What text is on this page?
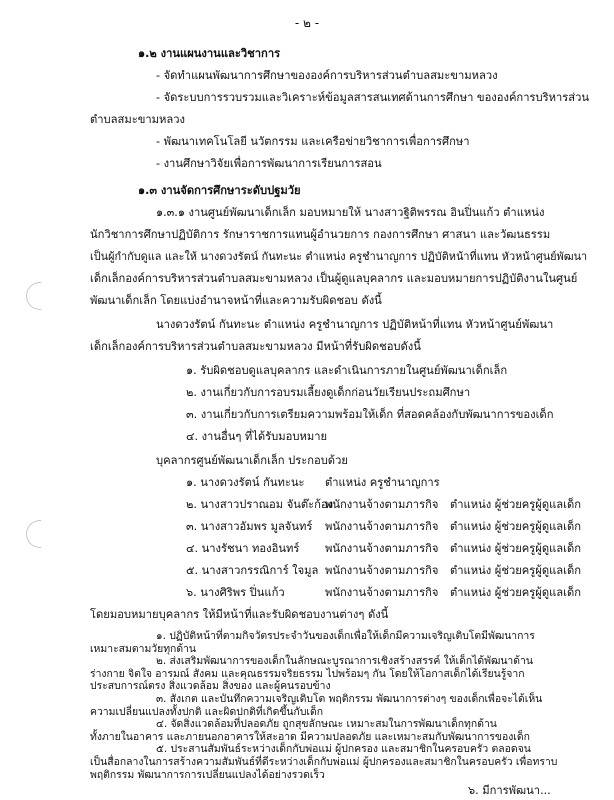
- ๒ -
๑.๒ งานแผนงานและวิชาการ
- จัดทำแผนพัฒนาการศึกษาขององค์การบริหารส่วนตำบลสมะขามหลวง
- จัดระบบการรวบรวมและวิเคราะห์ข้อมูลสารสนเทศด้านการศึกษา ขององค์การบริหารส่วน
ตำบลสมะขามหลวง
- พัฒนาเทคโนโลยี นวัตกรรม และเครือข่ายวิชาการเพื่อการศึกษา
- งานศึกษาวิจัยเพื่อการพัฒนาการเรียนการสอน
๑.๓ งานจัดการศึกษาระดับปฐมวัย
๑.๓.๑ งานศูนย์พัฒนาเด็กเล็ก มอบหมายให้ นางสาวฐิติพรรณ อินปิ่นแก้ว ตำแหน่ง
นักวิชาการศึกษาปฏิบัติการ รักษาราชการแทนผู้อำนวยการ กองการศึกษา ศาสนา และวัฒนธรรม
เป็นผู้กำกับดูแล และให้ นางดวงรัตน์ กันทะนะ ตำแหน่ง ครูชำนาญการ ปฏิบัติหน้าที่แทน หัวหน้าศูนย์พัฒนา
เด็กเล็กองค์การบริหารส่วนตำบลสมะขามหลวง เป็นผู้ดูแลบุคลากร และมอบหมายการปฏิบัติงานในศูนย์
พัฒนาเด็กเล็ก โดยแบ่งอำนาจหน้าที่และความรับผิดชอบ ดังนี้
นางดวงรัตน์ กันทะนะ ตำแหน่ง ครูชำนาญการ ปฏิบัติหน้าที่แทน หัวหน้าศูนย์พัฒนา
เด็กเล็กองค์การบริหารส่วนตำบลสมะขามหลวง มีหน้าที่รับผิดชอบดังนี้
๑. รับผิดชอบดูแลบุคลากร และดำเนินการภายในศูนย์พัฒนาเด็กเล็ก
๒. งานเกี่ยวกับการอบรมเลี้ยงดูเด็กก่อนวัยเรียนประถมศึกษา
๓. งานเกี่ยวกับการเตรียมความพร้อมให้เด็ก ที่สอดคล้องกับพัฒนาการของเด็ก
๔. งานอื่นๆ ที่ได้รับมอบหมาย
บุคลากรศูนย์พัฒนาเด็กเล็ก ประกอบด้วย
๑. นางดวงรัตน์ กันทะนะ ตำแหน่ง ครูชำนาญการ
๒. นางสาวปราณอม จันต๊ะก้อง
พนักงานจ้างตามภารกิจ ตำแหน่ง ผู้ช่วยครูผู้ดูแลเด็ก
๓. นางสาวอัมพร มูลจันทร์ พนักงานจ้างตามภารกิจ ตำแหน่ง ผู้ช่วยครูผู้ดูแลเด็ก
๔. นางรัชนา ทองอินทร์ พนักงานจ้างตามภารกิจ ตำแหน่ง ผู้ช่วยครูผู้ดูแลเด็ก
๕. นางสาวกรรณิการ์ ใจมูล พนักงานจ้างตามภารกิจ ตำแหน่ง ผู้ช่วยครูผู้ดูแลเด็ก
๖. นางศิริพร ปิ่นแก้ว	พนักงานจ้างตามภารกิจ ตำแหน่ง ผู้ช่วยครูผู้ดูแลเด็ก
โดยมอบหมายบุคลากร ให้มีหน้าที่และรับผิดชอบงานต่างๆ ดังนี้
๑. ปฏิบัติหน้าที่ตามกิจวัตรประจำวันของเด็กเพื่อให้เด็กมีความเจริญเติบโตมีพัฒนาการ
เหมาะสมตามวัยทุกด้าน
๒. ส่งเสริมพัฒนาการของเด็กในลักษณะบูรณาการเชิงสร้างสรรค์ ให้เด็กได้พัฒนาด้าน
ร่างกาย จิตใจ อารมณ์ สังคม และคุณธรรมจริยธรรม ไปพร้อมๆ กัน โดยให้โอกาสเด็กได้เรียนรู้จาก
ประสบการณ์ตรง สิ่งแวดล้อม สิ่งของ และผู้คนรอบข้าง
๓. สังเกต และบันทึกความเจริญเติบโต พฤติกรรม พัฒนาการต่างๆ ของเด็กเพื่อจะได้เห็น
ความเปลี่ยนแปลงทั้งปกติ และผิดปกติที่เกิดขึ้นกับเด็ก
๔. จัดสิ่งแวดล้อมที่ปลอดภัย ถูกสุขลักษณะ เหมาะสมในการพัฒนาเด็กทุกด้าน
ทั้งภายในอาคาร และภายนอกอาคารให้สะอาด มีความปลอดภัย และเหมาะสมกับพัฒนาการของเด็ก
๕. ประสานสัมพันธ์ระหว่างเด็กกับพ่อแม่ ผู้ปกครอง และสมาชิกในครอบครัว ตลอดจน
เป็นสื่อกลางในการสร้างความสัมพันธ์ที่ดีระหว่างเด็กกับพ่อแม่ ผู้ปกครองและสมาชิกในครอบครัว เพื่อทราบ
พฤติกรรม พัฒนาการการเปลี่ยนแปลงได้อย่างรวดเร็ว
๖. มีการพัฒนา...
